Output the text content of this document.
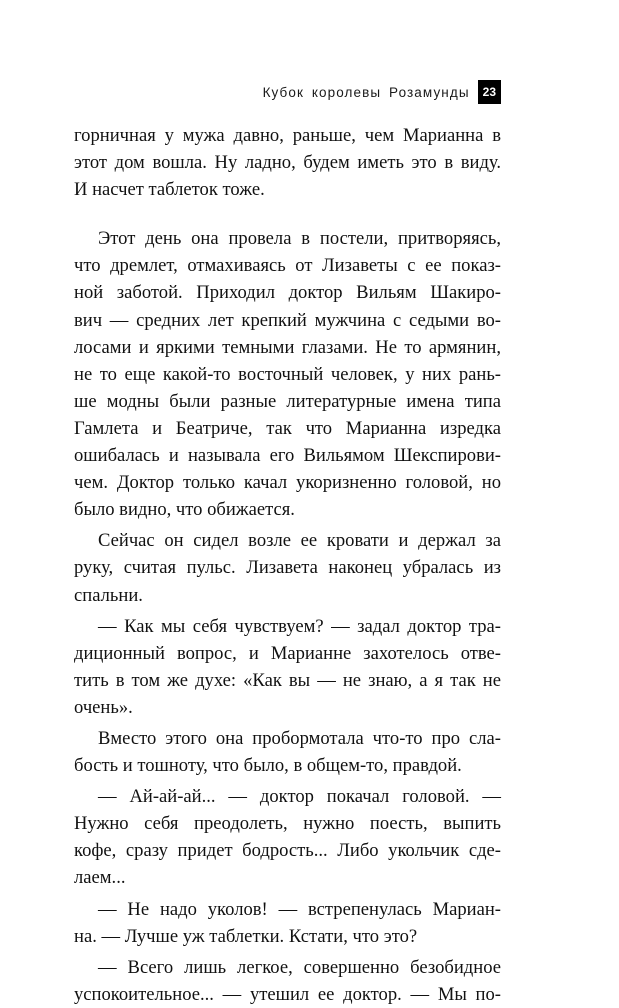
Кубок королевы Розамунды	23
горничная у мужа давно, раньше, чем Марианна в
этот дом вошла. Ну ладно, будем иметь это в виду.
И насчет таблеток тоже.
Этот день она провела в постели, притворяясь,
что дремлет, отмахиваясь от Лизаветы с ее показ-
ной заботой. Приходил доктор Вильям Шакиро-
вич — средних лет крепкий мужчина с седыми во-
лосами и яркими темными глазами. Не то армянин,
не то еще какой-то восточный человек, у них рань-
ше модны были разные литературные имена типа
Гамлета и Беатриче, так что Марианна изредка
ошибалась и называла его Вильямом Шекспирови-
чем. Доктор только качал укоризненно головой, но
было видно, что обижается.
Сейчас он сидел возле ее кровати и держал за
руку, считая пульс. Лизавета наконец убралась из
спальни.
— Как мы себя чувствуем? — задал доктор тра-
диционный вопрос, и Марианне захотелось отве-
тить в том же духе: «Как вы — не знаю, а я так не
очень».
Вместо этого она пробормотала что-то про сла-
бость и тошноту, что было, в общем-то, правдой.
— Ай-ай-ай... — доктор покачал головой. —
Нужно себя преодолеть, нужно поесть, выпить
кофе, сразу придет бодрость... Либо укольчик сде-
лаем...
— Не надо уколов! — встрепенулась Мариан-
на. — Лучше уж таблетки. Кстати, что это?
— Всего лишь легкое, совершенно безобидное
успокоительное... — утешил ее доктор. — Мы по-
